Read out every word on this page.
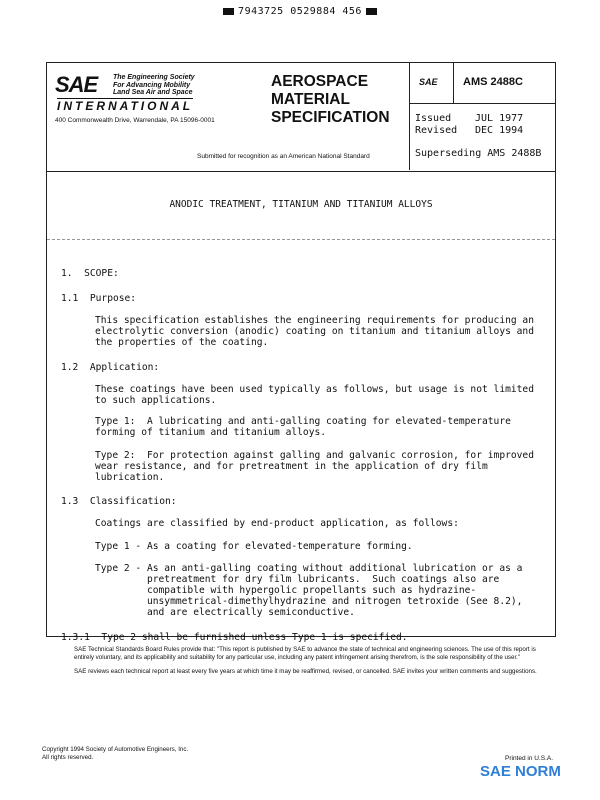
7943725 0529884 456
SAE The Engineering Society
For Advancing Mobility
Land Sea Air and Space
INTERNATIONAL
400 Commonwealth Drive, Warrendale, PA 15096-0001
AEROSPACE
MATERIAL
SPECIFICATION
Submitted for recognition as an American National Standard
SAE AMS 2488C
Issued JUL 1977
Revised DEC 1994
Superseding AMS 2488B
ANODIC TREATMENT, TITANIUM AND TITANIUM ALLOYS
1.  SCOPE:
1.1  Purpose:
This specification establishes the engineering requirements for producing an
electrolytic conversion (anodic) coating on titanium and titanium alloys and
the properties of the coating.
1.2  Application:
These coatings have been used typically as follows, but usage is not limited
to such applications.
Type 1:  A lubricating and anti-galling coating for elevated-temperature
forming of titanium and titanium alloys.
Type 2:  For protection against galling and galvanic corrosion, for improved
wear resistance, and for pretreatment in the application of dry film
lubrication.
1.3  Classification:
Coatings are classified by end-product application, as follows:
Type 1 - As a coating for elevated-temperature forming.
Type 2 - As an anti-galling coating without additional lubrication or as a
pretreatment for dry film lubricants.  Such coatings also are
compatible with hypergolic propellants such as hydrazine-
unsymmetrical-dimethylhydrazine and nitrogen tetroxide (See 8.2),
and are electrically semiconductive.
1.3.1  Type 2 shall be furnished unless Type 1 is specified.

SAE Technical Standards Board Rules provide that: "This report is published by SAE to advance the state of technical and engineering sciences. The use of this report is entirely voluntary, and its applicability and suitability for any particular use, including any patent infringement arising therefrom, is the sole responsibility of the user."

SAE reviews each technical report at least every five years at which time it may be reaffirmed, revised, or cancelled. SAE invites your written comments and suggestions.

Copyright 1994 Society of Automotive Engineers, Inc.
All rights reserved.	Printed in U.S.A.
SAE NORM
